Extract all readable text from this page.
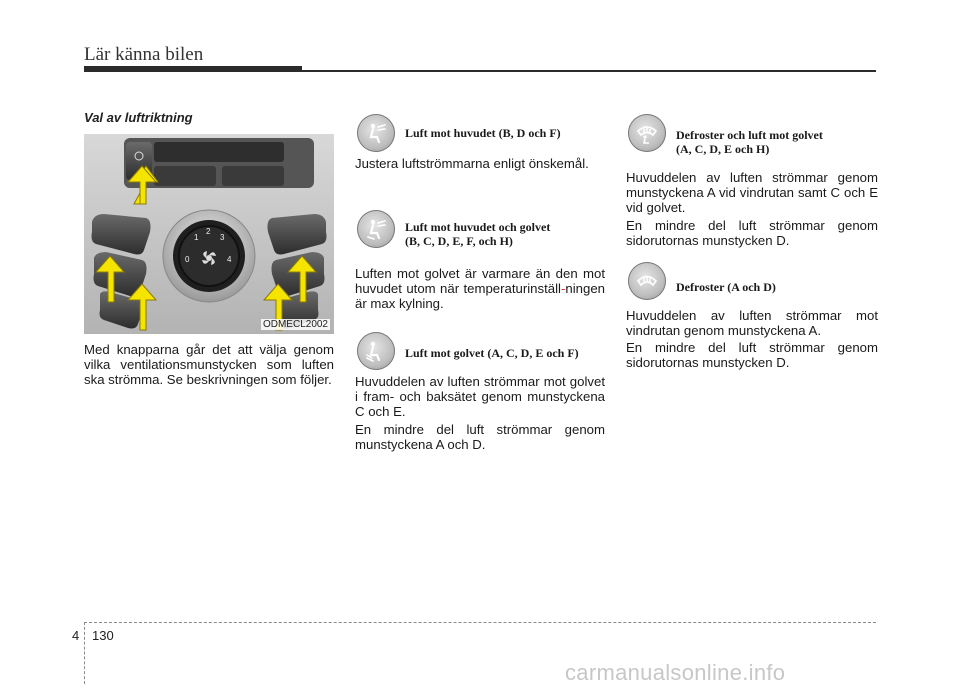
Lär känna bilen
Val av luftriktning
0
1
2
3
4
ODMECL2002

Med knapparna går det att välja genom vilka ventilationsmunstycken som luften ska strömma. Se beskrivningen som följer.

Luft mot huvudet (B, D och F)

Justera luftströmmarna enligt önskemål.

Luft mot huvudet och golvet
(B, C, D, E, F, och H)

Luften mot golvet är varmare än den mot huvudet utom när temperaturinställ-ningen är max kylning.

Luft mot golvet (A, C, D, E och F)

Huvuddelen av luften strömmar mot golvet i fram- och baksätet genom munstyckena C och E.

En mindre del luft strömmar genom munstyckena A och D.

Defroster och luft mot golvet
(A, C, D, E och H)

Huvuddelen av luften strömmar genom munstyckena A vid vindrutan samt C och E vid golvet.

En mindre del luft strömmar genom sidorutornas munstycken D.

Defroster (A och D)

Huvuddelen av luften strömmar mot vindrutan genom munstyckena A.

En mindre del luft strömmar genom sidorutornas munstycken D.

4 130
carmanualsonline.info
